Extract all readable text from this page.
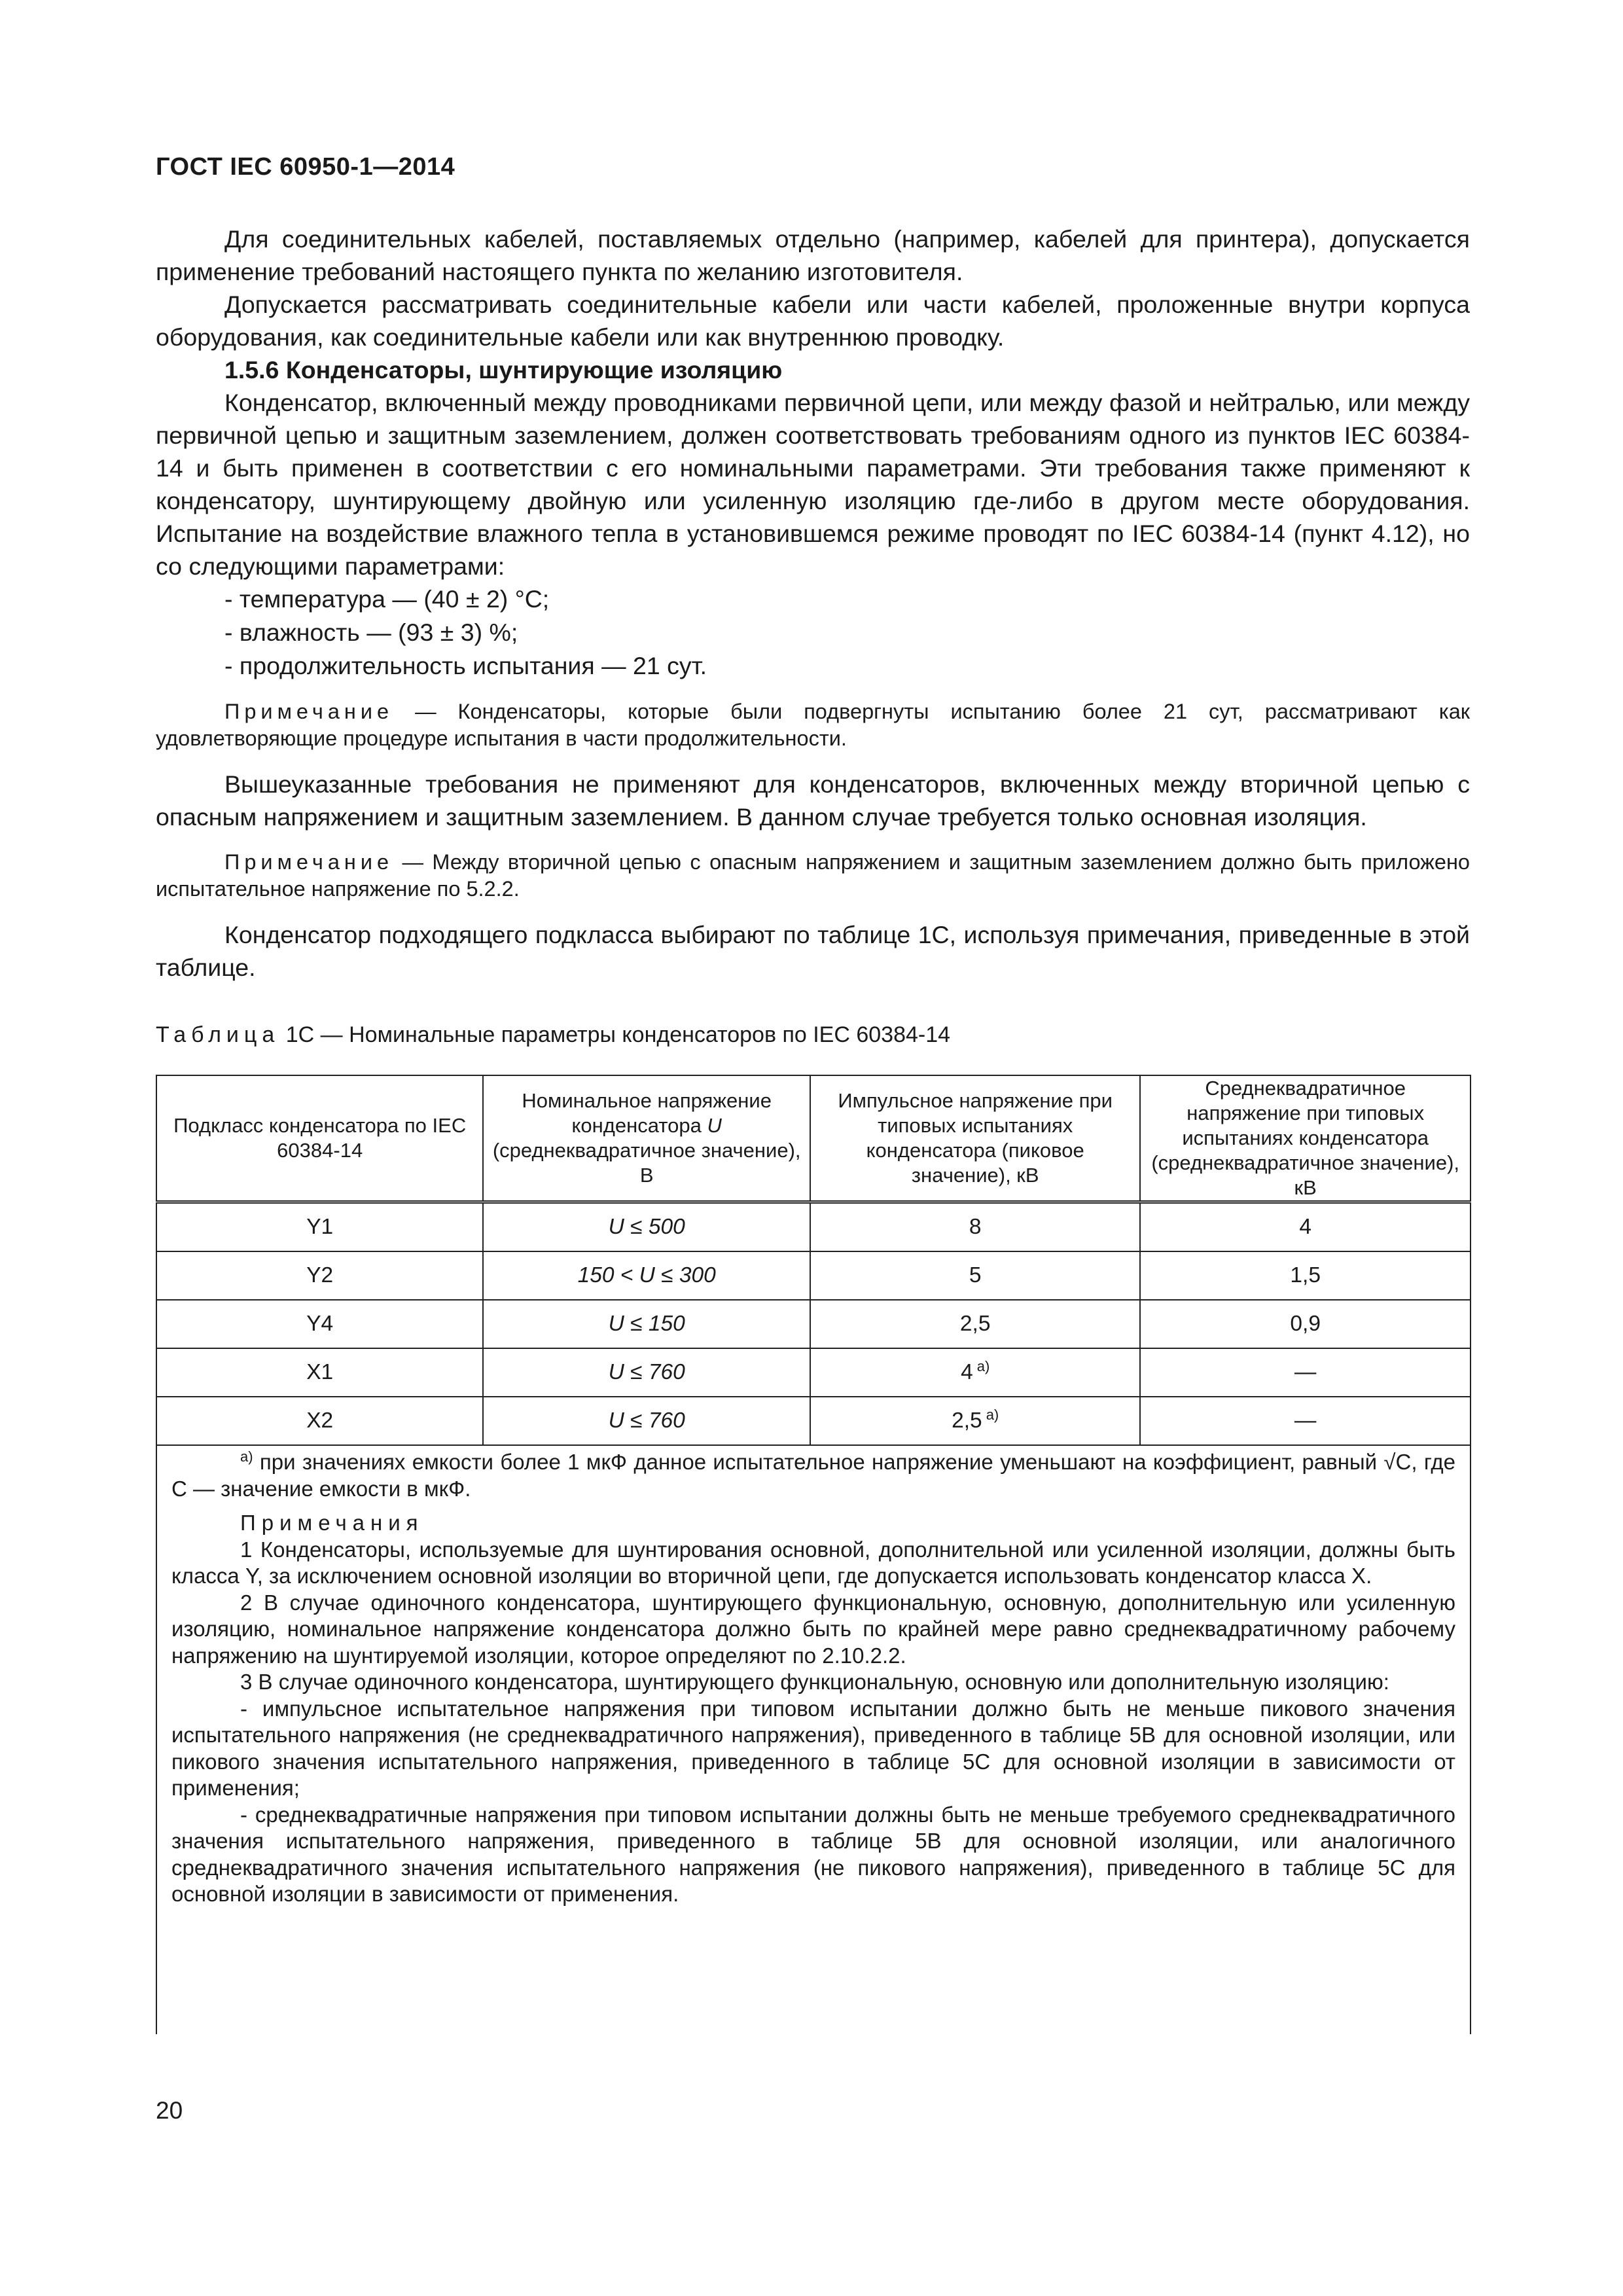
ГОСТ IEC 60950-1—2014

Для соединительных кабелей, поставляемых отдельно (например, кабелей для принтера), допускается применение требований настоящего пункта по желанию изготовителя.

Допускается рассматривать соединительные кабели или части кабелей, проложенные внутри корпуса оборудования, как соединительные кабели или как внутреннюю проводку.

1.5.6 Конденсаторы, шунтирующие изоляцию

Конденсатор, включенный между проводниками первичной цепи, или между фазой и нейтралью, или между первичной цепью и защитным заземлением, должен соответствовать требованиям одного из пунктов IEC 60384-14 и быть применен в соответствии с его номинальными параметрами. Эти требования также применяют к конденсатору, шунтирующему двойную или усиленную изоляцию где-либо в другом месте оборудования. Испытание на воздействие влажного тепла в установившемся режиме проводят по IEC 60384-14 (пункт 4.12), но со следующими параметрами:

- температура — (40 ± 2) °С;

- влажность — (93 ± 3) %;

- продолжительность испытания — 21 сут.

Примечание — Конденсаторы, которые были подвергнуты испытанию более 21 сут, рассматривают как удовлетворяющие процедуре испытания в части продолжительности.

Вышеуказанные требования не применяют для конденсаторов, включенных между вторичной цепью с опасным напряжением и защитным заземлением. В данном случае требуется только основная изоляция.

Примечание — Между вторичной цепью с опасным напряжением и защитным заземлением должно быть приложено испытательное напряжение по 5.2.2.

Конденсатор подходящего подкласса выбирают по таблице 1С, используя примечания, приведенные в этой таблице.

Таблица 1С — Номинальные параметры конденсаторов по IEC 60384-14
Подкласс конденсатора по IEC 60384-14	Номинальное напряжение конденсатора U (среднеквадратичное значение), В	Импульсное напряжение при типовых испытаниях конденсатора (пиковое значение), кВ	Среднеквадратичное напряжение при типовых испытаниях конденсатора (среднеквадратичное значение), кВ
Y1	U ≤ 500	8	4
Y2	150 < U ≤ 300	5	1,5
Y4	U ≤ 150	2,5	0,9
X1	U ≤ 760	4 $^{а)}$	—
X2	U ≤ 760	2,5 $^{а)}$	—

$^{а)}$ при значениях емкости более 1 мкФ данное испытательное напряжение уменьшают на коэффициент, равный √С, где С — значение емкости в мкФ.

Примечания

1 Конденсаторы, используемые для шунтирования основной, дополнительной или усиленной изоляции, должны быть класса Y, за исключением основной изоляции во вторичной цепи, где допускается использовать конденсатор класса X.

2 В случае одиночного конденсатора, шунтирующего функциональную, основную, дополнительную или усиленную изоляцию, номинальное напряжение конденсатора должно быть по крайней мере равно среднеквадратичному рабочему напряжению на шунтируемой изоляции, которое определяют по 2.10.2.2.

3 В случае одиночного конденсатора, шунтирующего функциональную, основную или дополнительную изоляцию:

- импульсное испытательное напряжения при типовом испытании должно быть не меньше пикового значения испытательного напряжения (не среднеквадратичного напряжения), приведенного в таблице 5В для основной изоляции, или пикового значения испытательного напряжения, приведенного в таблице 5С для основной изоляции в зависимости от применения;

- среднеквадратичные напряжения при типовом испытании должны быть не меньше требуемого среднеквадратичного значения испытательного напряжения, приведенного в таблице 5В для основной изоляции, или аналогичного среднеквадратичного значения испытательного напряжения (не пикового напряжения), приведенного в таблице 5С для основной изоляции в зависимости от применения.

20
